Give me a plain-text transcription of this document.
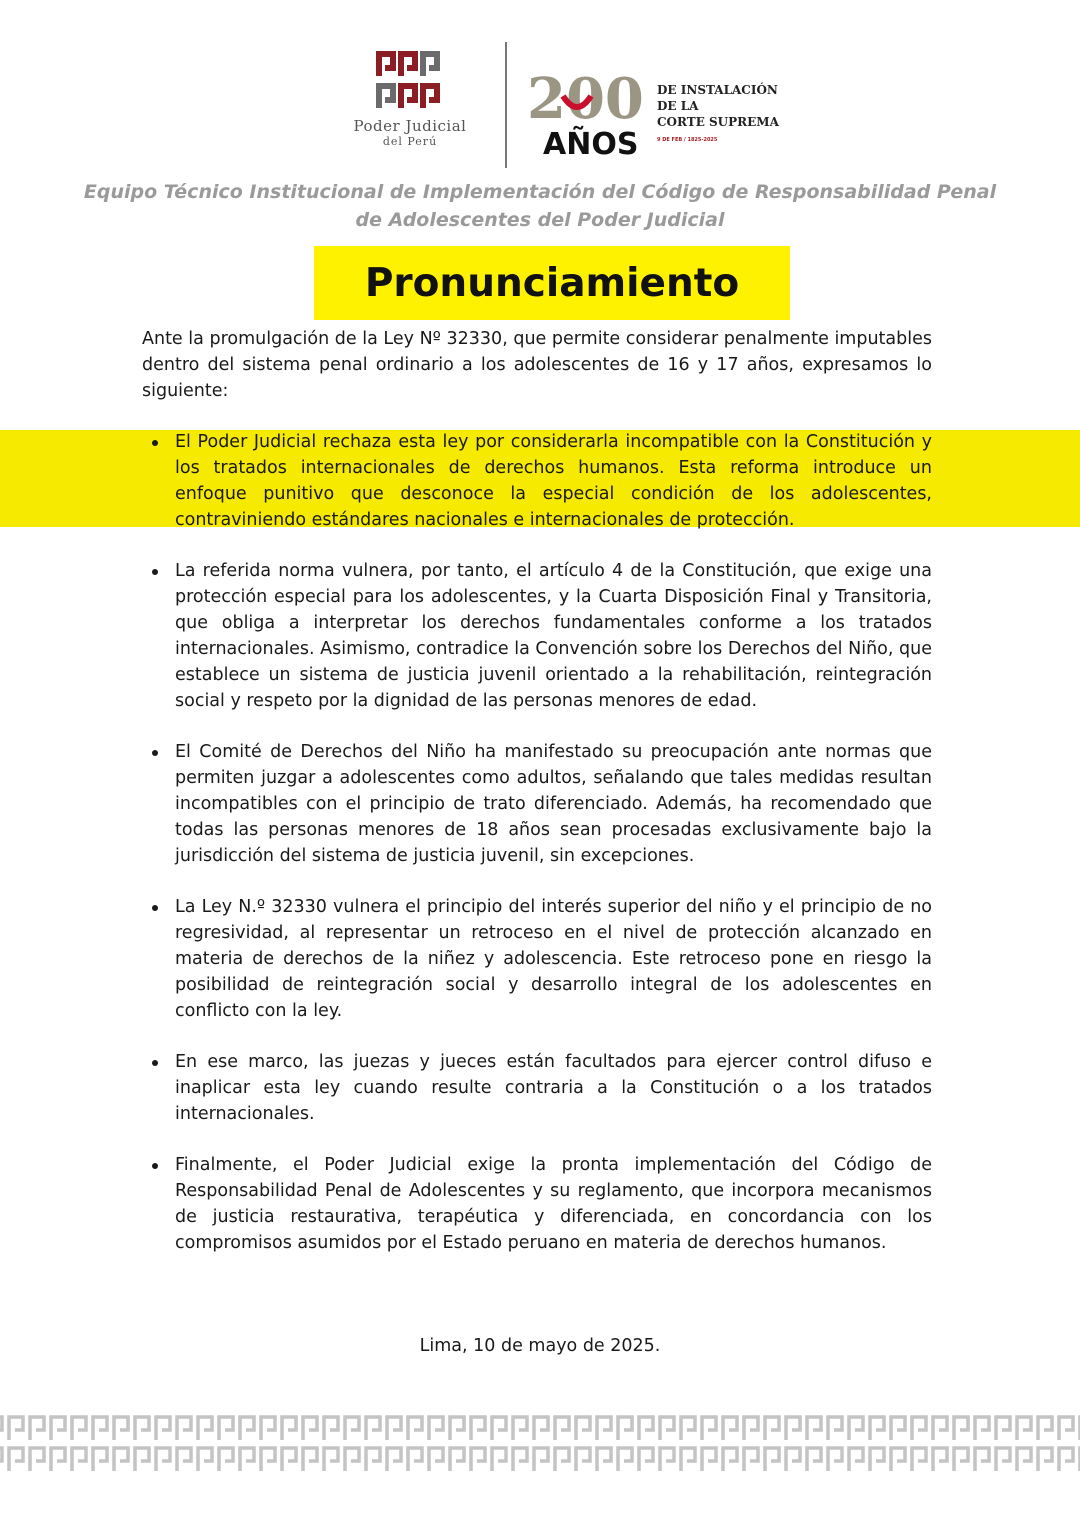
Poder Judicial
del Perú
200
AÑOS
DE INSTALACIÓN
DE LA
CORTE SUPREMA
9 DE FEB / 1825-2025
Equipo Técnico Institucional de Implementación del Código de Responsabilidad Penal de Adolescentes del Poder Judicial
Pronunciamiento
Ante la promulgación de la Ley Nº 32330, que permite considerar penalmente imputables dentro del sistema penal ordinario a los adolescentes de 16 y 17 años, expresamos lo siguiente:
El Poder Judicial rechaza esta ley por considerarla incompatible con la Constitución y los tratados internacionales de derechos humanos. Esta reforma introduce un enfoque punitivo que desconoce la especial condición de los adolescentes, contraviniendo estándares nacionales e internacionales de protección.
La referida norma vulnera, por tanto, el artículo 4 de la Constitución, que exige una protección especial para los adolescentes, y la Cuarta Disposición Final y Transitoria, que obliga a interpretar los derechos fundamentales conforme a los tratados internacionales. Asimismo, contradice la Convención sobre los Derechos del Niño, que establece un sistema de justicia juvenil orientado a la rehabilitación, reintegración social y respeto por la dignidad de las personas menores de edad.
El Comité de Derechos del Niño ha manifestado su preocupación ante normas que permiten juzgar a adolescentes como adultos, señalando que tales medidas resultan incompatibles con el principio de trato diferenciado. Además, ha recomendado que todas las personas menores de 18 años sean procesadas exclusivamente bajo la jurisdicción del sistema de justicia juvenil, sin excepciones.
La Ley N.º 32330 vulnera el principio del interés superior del niño y el principio de no regresividad, al representar un retroceso en el nivel de protección alcanzado en materia de derechos de la niñez y adolescencia. Este retroceso pone en riesgo la posibilidad de reintegración social y desarrollo integral de los adolescentes en conflicto con la ley.
En ese marco, las juezas y jueces están facultados para ejercer control difuso e inaplicar esta ley cuando resulte contraria a la Constitución o a los tratados internacionales.
Finalmente, el Poder Judicial exige la pronta implementación del Código de Responsabilidad Penal de Adolescentes y su reglamento, que incorpora mecanismos de justicia restaurativa, terapéutica y diferenciada, en concordancia con los compromisos asumidos por el Estado peruano en materia de derechos humanos.
Lima, 10 de mayo de 2025.
